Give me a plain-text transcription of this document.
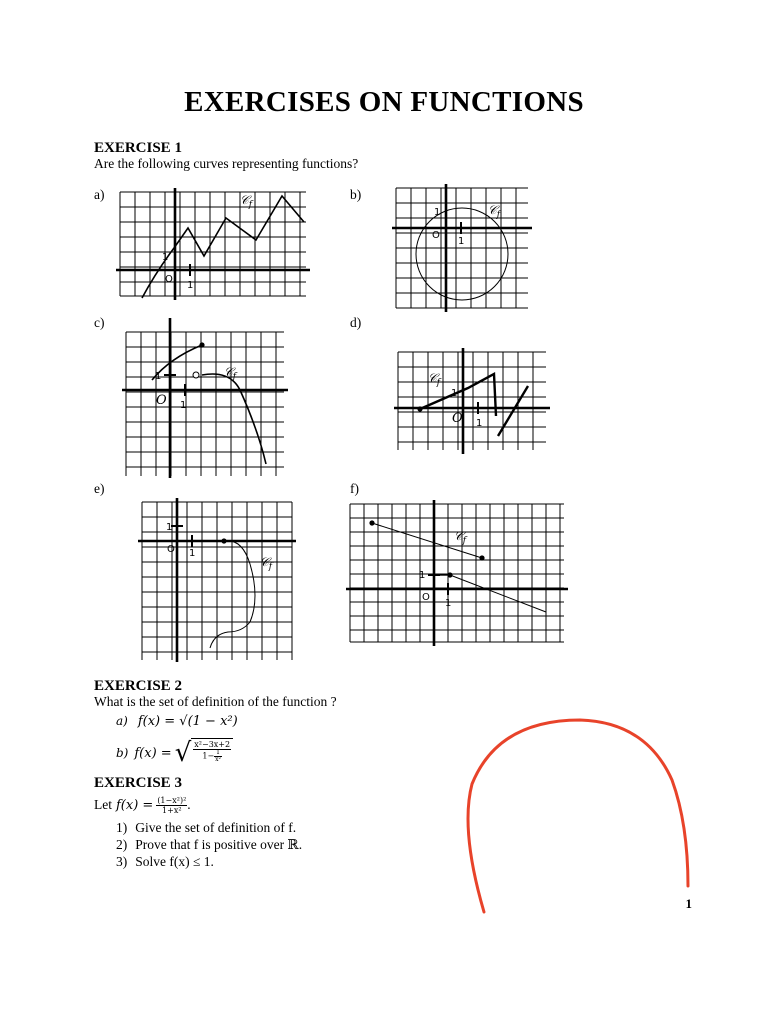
EXERCISES ON FUNCTIONS
EXERCISE 1
Are the following curves representing functions?
a)	b)
c)	d)
e)	f)
1
O
1
𝒞$_f$
1
O
1
𝒞$_f$
1
O 1
𝒞$_f$
1
O 1
𝒞$_f$
1
O 1
𝒞$_f$
1
O
1
𝒞$_f$
EXERCISE 2
What is the set of definition of the function ?
a) f(x) = √(1 − x²)
b) f(x) = √ $\frac{\text{x²−3x+2}}{1- \frac{1}{\text{x²}}}$
EXERCISE 3
Let $f(x) = \frac{\text{(1−x²)²}}{\text{1+x²}}$ .
1) Give the set of definition of f.
2) Prove that f is positive over ℝ.
3) Solve f(x) ≤ 1.
1
